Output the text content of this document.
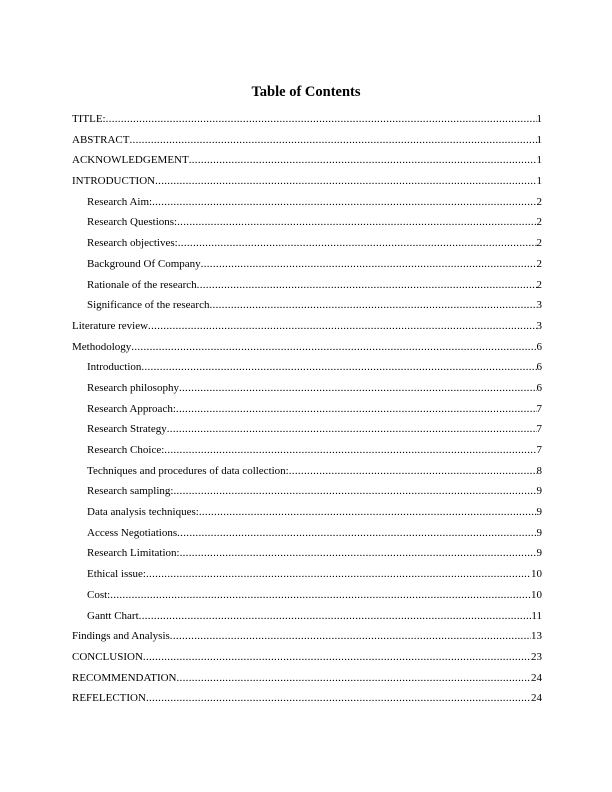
Table of Contents
TITLE: .....	1
ABSTRACT .....	1
ACKNOWLEDGEMENT .....	1
INTRODUCTION .....	1
Research Aim: .....	2
Research Questions: .....	2
Research objectives: .....	2
Background Of Company .....	2
Rationale of the research .....	2
Significance of the research .....	3
Literature review .....	3
Methodology .....	6
Introduction .....	6
Research philosophy .....	6
Research Approach: .....	7
Research Strategy .....	7
Research Choice: .....	7
Techniques and procedures of data collection: .....	8
Research sampling: .....	9
Data analysis techniques: .....	9
Access Negotiations .....	9
Research Limitation: .....	9
Ethical issue: .....	10
Cost: .....	10
Gantt Chart .....	11
Findings and Analysis .....	13
CONCLUSION .....	23
RECOMMENDATION .....	24
REFELECTION .....	24
